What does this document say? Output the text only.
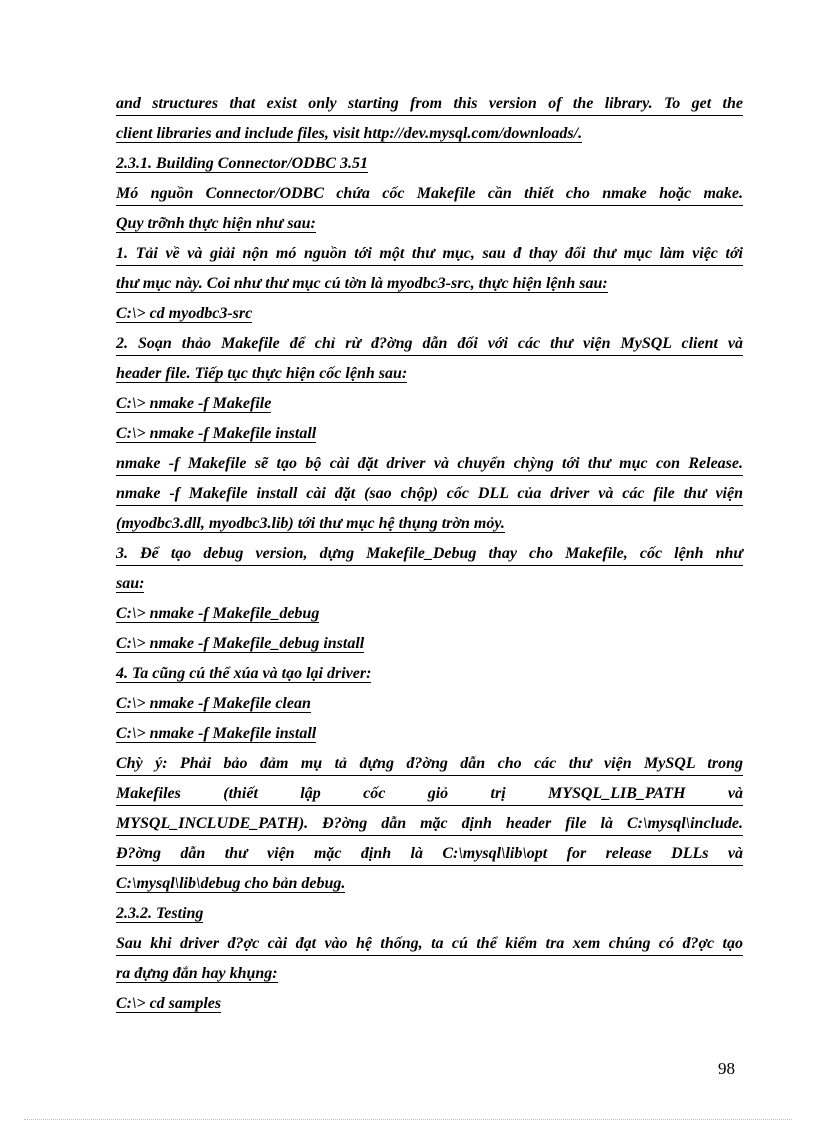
and structures that exist only starting from this version of the library. To get the
client libraries and include files, visit http://dev.mysql.com/downloads/.
2.3.1. Building Connector/ODBC 3.51
Mó nguồn Connector/ODBC chứa cốc Makefile cần thiết cho nmake hoặc make.
Quy trỡnh thực hiện như sau:
1. Tải về và giải nộn mó nguồn tới một thư mục, sau đ thay đổi thư mục làm việc tới
thư mục này. Coi như thư mục cú tờn là myodbc3-src, thực hiện lệnh sau:
C:\> cd myodbc3-src
2. Soạn thảo Makefile để chỉ rừ đ?ờng dẫn đối với các thư viện MySQL client và
header file. Tiếp tục thực hiện cốc lệnh sau:
C:\> nmake -f Makefile
C:\> nmake -f Makefile install
nmake -f Makefile sẽ tạo bộ cài đặt driver và chuyển chỳng tới thư mục con Release.
nmake -f Makefile install cài đặt (sao chộp) cốc DLL của driver và các file thư viện
(myodbc3.dll, myodbc3.lib) tới thư mục hệ thụng trờn mỏy.
3. Để tạo debug version, dựng Makefile_Debug thay cho Makefile, cốc lệnh như
sau:
C:\> nmake -f Makefile_debug
C:\> nmake -f Makefile_debug install
4. Ta cũng cú thể xúa và tạo lại driver:
C:\> nmake -f Makefile clean
C:\> nmake -f Makefile install
Chỳ ý: Phải bảo đảm mụ tả đựng đ?ờng dẫn cho các thư viện MySQL trong
Makefiles (thiết lập cốc giỏ trị MYSQL_LIB_PATH và
MYSQL_INCLUDE_PATH). Đ?ờng dẫn mặc định header file là C:\mysql\include.
Đ?ờng dẫn thư viện mặc định là C:\mysql\lib\opt for release DLLs và
C:\mysql\lib\debug cho bản debug.
2.3.2. Testing
Sau khi driver đ?ợc cài đạt vào hệ thống, ta cú thể kiểm tra xem chúng có đ?ợc tạo
ra đựng đắn hay khụng:
C:\> cd samples
98
